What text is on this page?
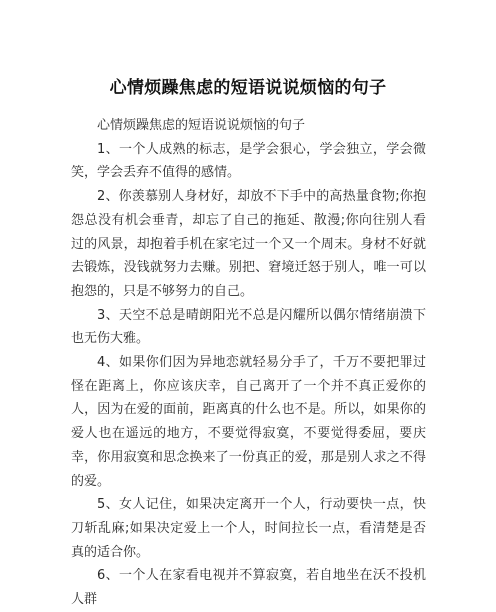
心情烦躁焦虑的短语说说烦恼的句子

心情烦躁焦虑的短语说说烦恼的句子

1、一个人成熟的标志，是学会狠心，学会独立，学会微笑，学会丢弃不值得的感情。

2、你羡慕别人身材好，却放不下手中的高热量食物;你抱怨总没有机会垂青，却忘了自己的拖延、散漫;你向往别人看过的风景，却抱着手机在家宅过一个又一个周末。身材不好就去锻炼，没钱就努力去赚。别把、窘境迁怒于别人，唯一可以抱怨的，只是不够努力的自己。

3、天空不总是晴朗阳光不总是闪耀所以偶尔情绪崩溃下也无伤大雅。

4、如果你们因为异地恋就轻易分手了，千万不要把罪过怪在距离上，你应该庆幸，自己离开了一个并不真正爱你的人，因为在爱的面前，距离真的什么也不是。所以，如果你的爱人也在遥远的地方，不要觉得寂寞，不要觉得委屈，要庆幸，你用寂寞和思念换来了一份真正的爱，那是别人求之不得的爱。

5、女人记住，如果决定离开一个人，行动要快一点，快刀斩乱麻;如果决定爱上一个人，时间拉长一点，看清楚是否真的适合你。

6、一个人在家看电视并不算寂寞，若自地坐在沃不投机人群
